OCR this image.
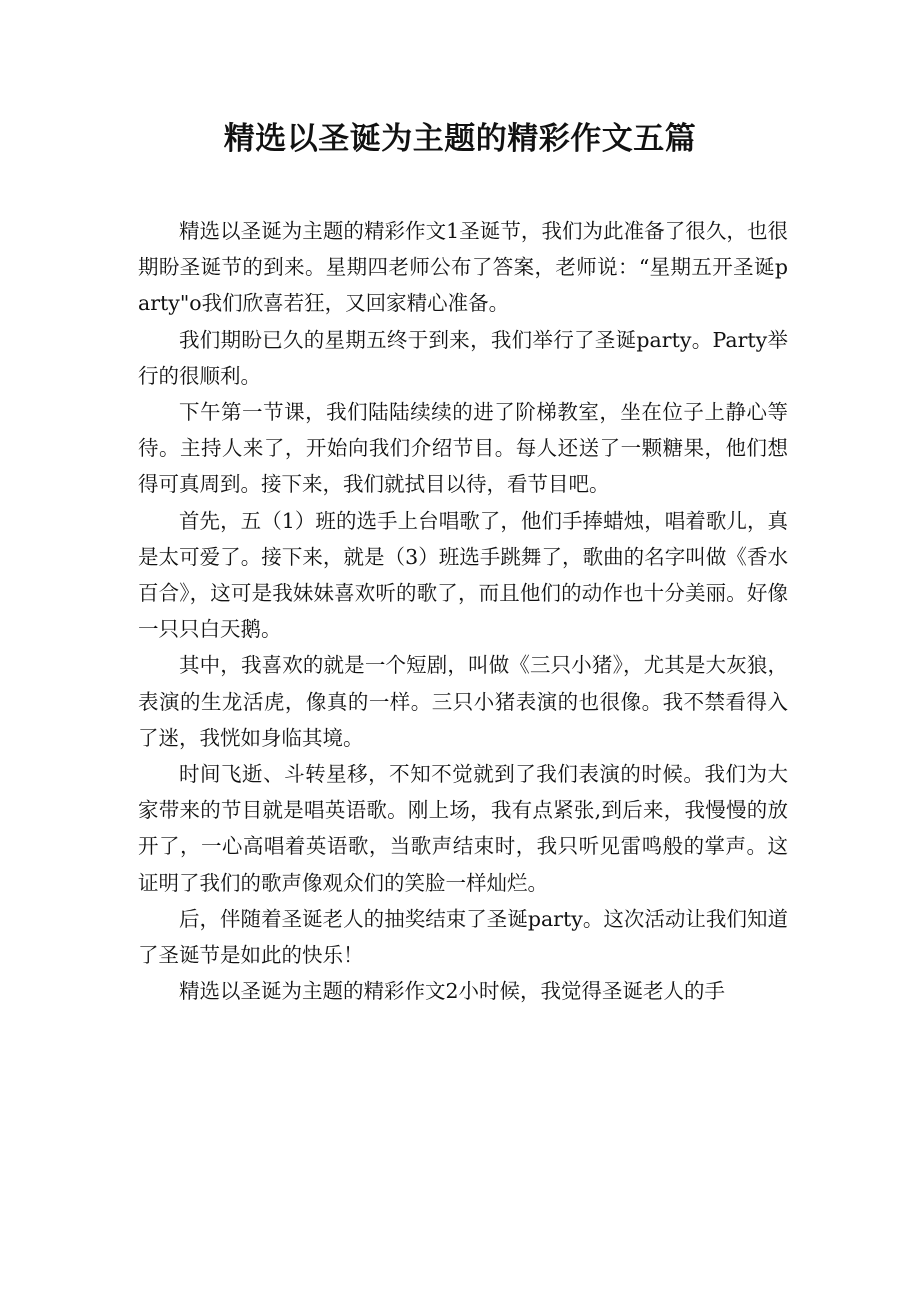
精选以圣诞为主题的精彩作文五篇

精选以圣诞为主题的精彩作文1圣诞节，我们为此准备了很久，也很期盼圣诞节的到来。星期四老师公布了答案，老师说：“星期五开圣诞party"o我们欣喜若狂，又回家精心准备。

我们期盼已久的星期五终于到来，我们举行了圣诞party。Party举行的很顺利。

下午第一节课，我们陆陆续续的进了阶梯教室，坐在位子上静心等待。主持人来了，开始向我们介绍节目。每人还送了一颗糖果，他们想得可真周到。接下来，我们就拭目以待，看节目吧。

首先，五（1）班的选手上台唱歌了，他们手捧蜡烛，唱着歌儿，真是太可爱了。接下来，就是（3）班选手跳舞了，歌曲的名字叫做《香水百合》，这可是我妹妹喜欢听的歌了，而且他们的动作也十分美丽。好像一只只白天鹅。

其中，我喜欢的就是一个短剧，叫做《三只小猪》，尤其是大灰狼，表演的生龙活虎，像真的一样。三只小猪表演的也很像。我不禁看得入了迷，我恍如身临其境。

时间飞逝、斗转星移，不知不觉就到了我们表演的时候。我们为大家带来的节目就是唱英语歌。刚上场，我有点紧张,到后来，我慢慢的放开了，一心高唱着英语歌，当歌声结束时，我只听见雷鸣般的掌声。这证明了我们的歌声像观众们的笑脸一样灿烂。

后，伴随着圣诞老人的抽奖结束了圣诞party。这次活动让我们知道了圣诞节是如此的快乐！

精选以圣诞为主题的精彩作文2小时候，我觉得圣诞老人的手
